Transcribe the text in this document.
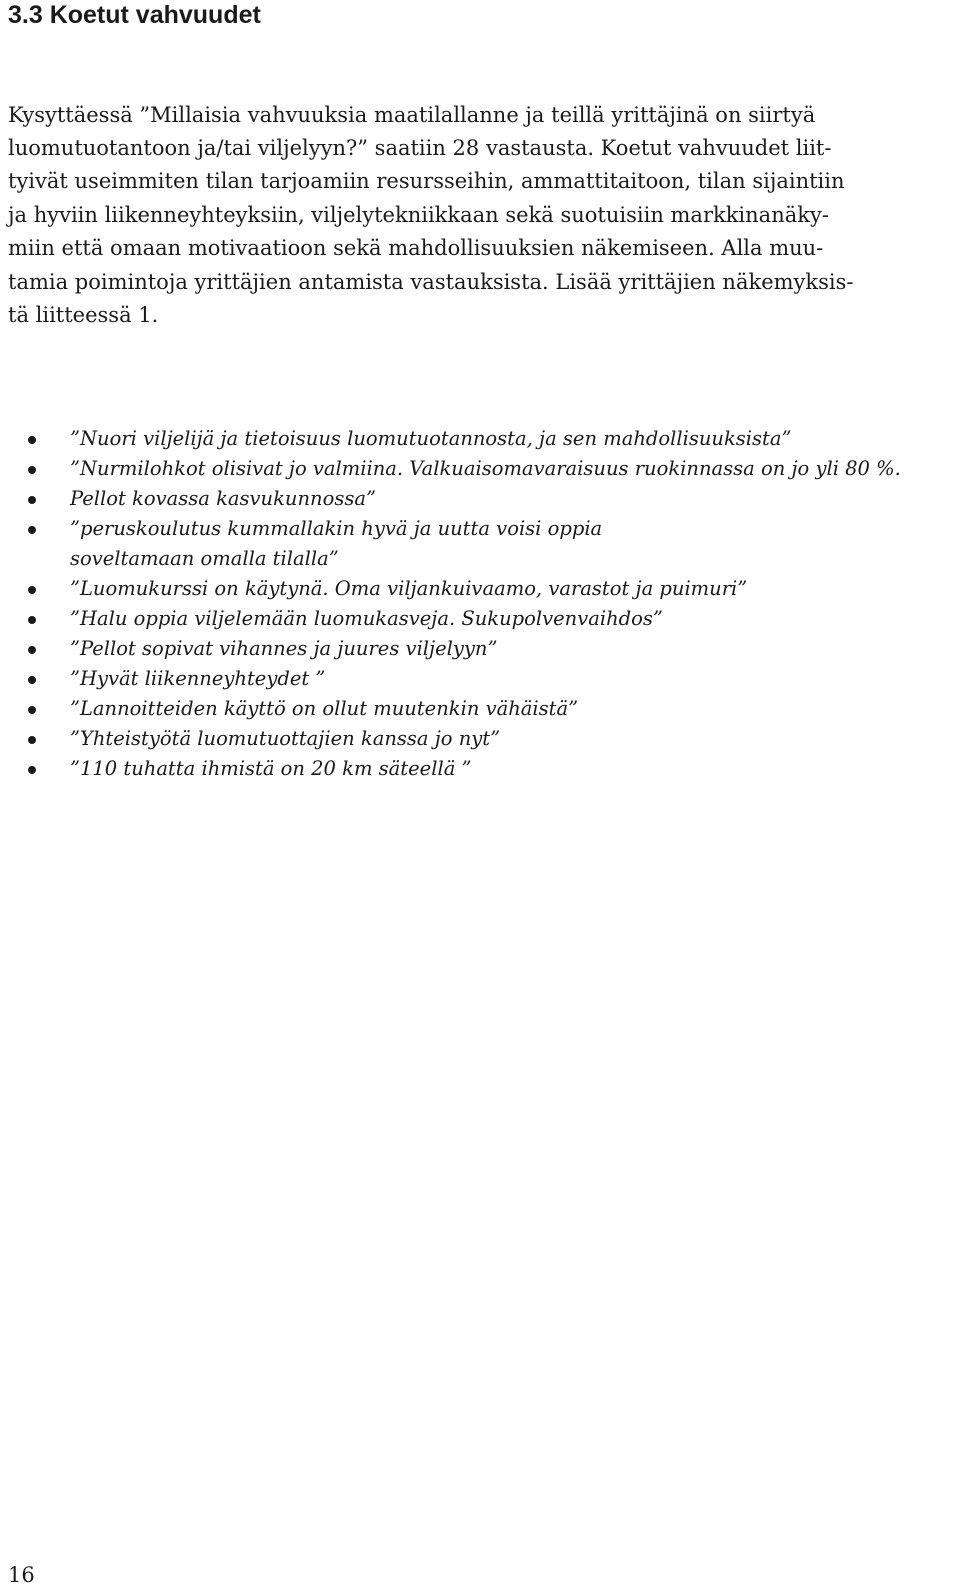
3.3 Koetut vahvuudet

Kysyttäessä ”Millaisia vahvuuksia maatilallanne ja teillä yrittäjinä on siirtyä

luomutuotantoon ja/tai viljelyyn?” saatiin 28 vastausta. Koetut vahvuudet liit-

tyivät useimmiten tilan tarjoamiin resursseihin, ammattitaitoon, tilan sijaintiin

ja hyviin liikenneyhteyksiin, viljelytekniikkaan sekä suotuisiin markkinanäky-

miin että omaan motivaatioon sekä mahdollisuuksien näkemiseen. Alla muu-

tamia poimintoja yrittäjien antamista vastauksista. Lisää yrittäjien näkemyksis-

tä liitteessä 1.

”Nuori viljelijä ja tietoisuus luomutuotannosta, ja sen mahdollisuuksista”
”Nurmilohkot olisivat jo valmiina. Valkuaisomavaraisuus ruokinnassa on jo yli 80 %.
Pellot kovassa kasvukunnossa”
”peruskoulutus kummallakin hyvä ja uutta voisi oppia
soveltamaan omalla tilalla”
”Luomukurssi on käytynä. Oma viljankuivaamo, varastot ja puimuri”
”Halu oppia viljelemään luomukasveja. Sukupolvenvaihdos”
”Pellot sopivat vihannes ja juures viljelyyn”
”Hyvät liikenneyhteydet ”
”Lannoitteiden käyttö on ollut muutenkin vähäistä”
”Yhteistyötä luomutuottajien kanssa jo nyt”
”110 tuhatta ihmistä on 20 km säteellä ”
16
